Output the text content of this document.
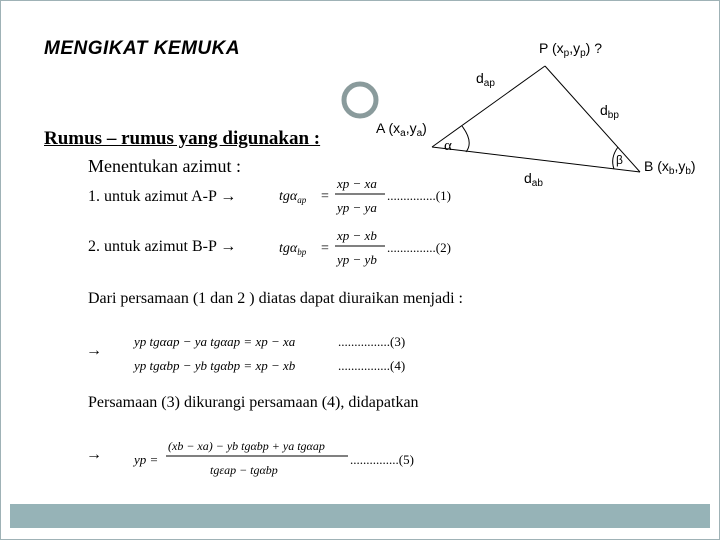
MENGIKAT KEMUKA
α
β
P $(x_p,y_p)$ ?
A $(x_a,y_a)$
B $(x_b,y_b)$
$d_{ap}$
$d_{bp}$
$d_{ab}$
Rumus – rumus yang digunakan :
Menentukan azimut :
1. untuk azimut A-P →	tgα$_{ap}$ =
xp − xa
yp − ya
...............(1)
2. untuk azimut B-P →	tgα$_{bp}$ =
xp − xb
yp − yb
...............(2)
Dari persamaan (1 dan 2 ) diatas dapat diuraikan menjadi :
→
yp tgαap − ya tgαap = xp − xa	................(3)
yp tgαbp − yb tgαbp = xp − xb	................(4)
Persamaan (3) dikurangi persamaan (4), didapatkan
→ yp =
(xb − xa) − yb tgαbp + ya tgαap
tgεap − tgαbp
...............(5)
